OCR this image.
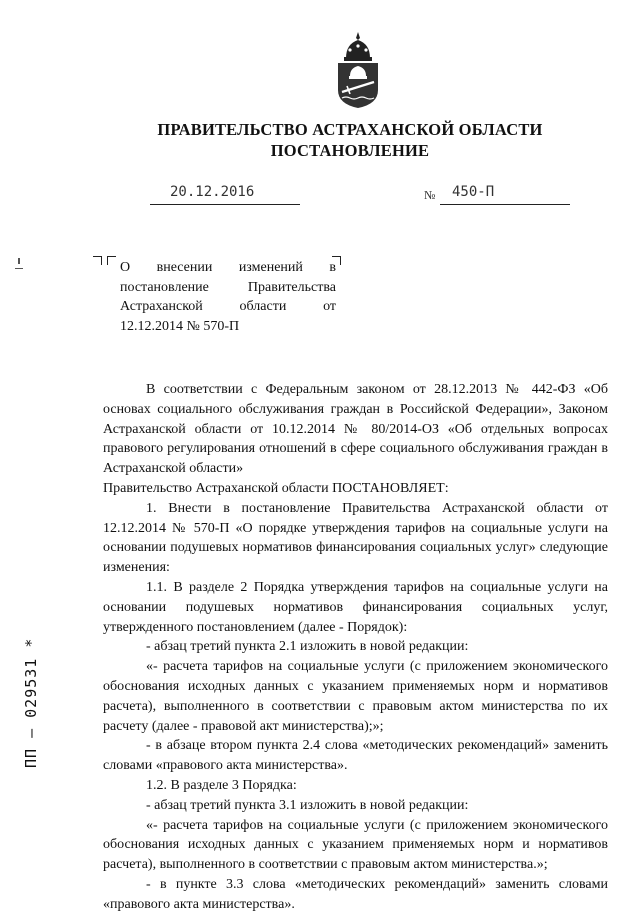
ПРАВИТЕЛЬСТВО АСТРАХАНСКОЙ ОБЛАСТИ
ПОСТАНОВЛЕНИЕ
20.12.2016	№ 450-П
О внесении изменений в постановление Правительства Астраханской области от 12.12.2014 № 570-П

В соответствии с Федеральным законом от 28.12.2013 № 442-ФЗ «Об основах социального обслуживания граждан в Российской Федерации», Законом Астраханской области от 10.12.2014 № 80/2014-ОЗ «Об отдельных вопросах правового регулирования отношений в сфере социального обслуживания граждан в Астраханской области»

Правительство Астраханской области ПОСТАНОВЛЯЕТ:

1. Внести в постановление Правительства Астраханской области от 12.12.2014 № 570-П «О порядке утверждения тарифов на социальные услуги на основании подушевых нормативов финансирования социальных услуг» следующие изменения:

1.1. В разделе 2 Порядка утверждения тарифов на социальные услуги на основании подушевых нормативов финансирования социальных услуг, утвержденного постановлением (далее - Порядок):

- абзац третий пункта 2.1 изложить в новой редакции:

«- расчета тарифов на социальные услуги (с приложением экономического обоснования исходных данных с указанием применяемых норм и нормативов расчета), выполненного в соответствии с правовым актом министерства по их расчету (далее - правовой акт министерства);»;

- в абзаце втором пункта 2.4 слова «методических рекомендаций» заменить словами «правового акта министерства».

1.2. В разделе 3 Порядка:

- абзац третий пункта 3.1 изложить в новой редакции:

«- расчета тарифов на социальные услуги (с приложением экономического обоснования исходных данных с указанием применяемых норм и нормативов расчета), выполненного в соответствии с правовым актом министерства.»;

- в пункте 3.3 слова «методических рекомендаций» заменить словами «правового акта министерства».

ПП – 029531 *
